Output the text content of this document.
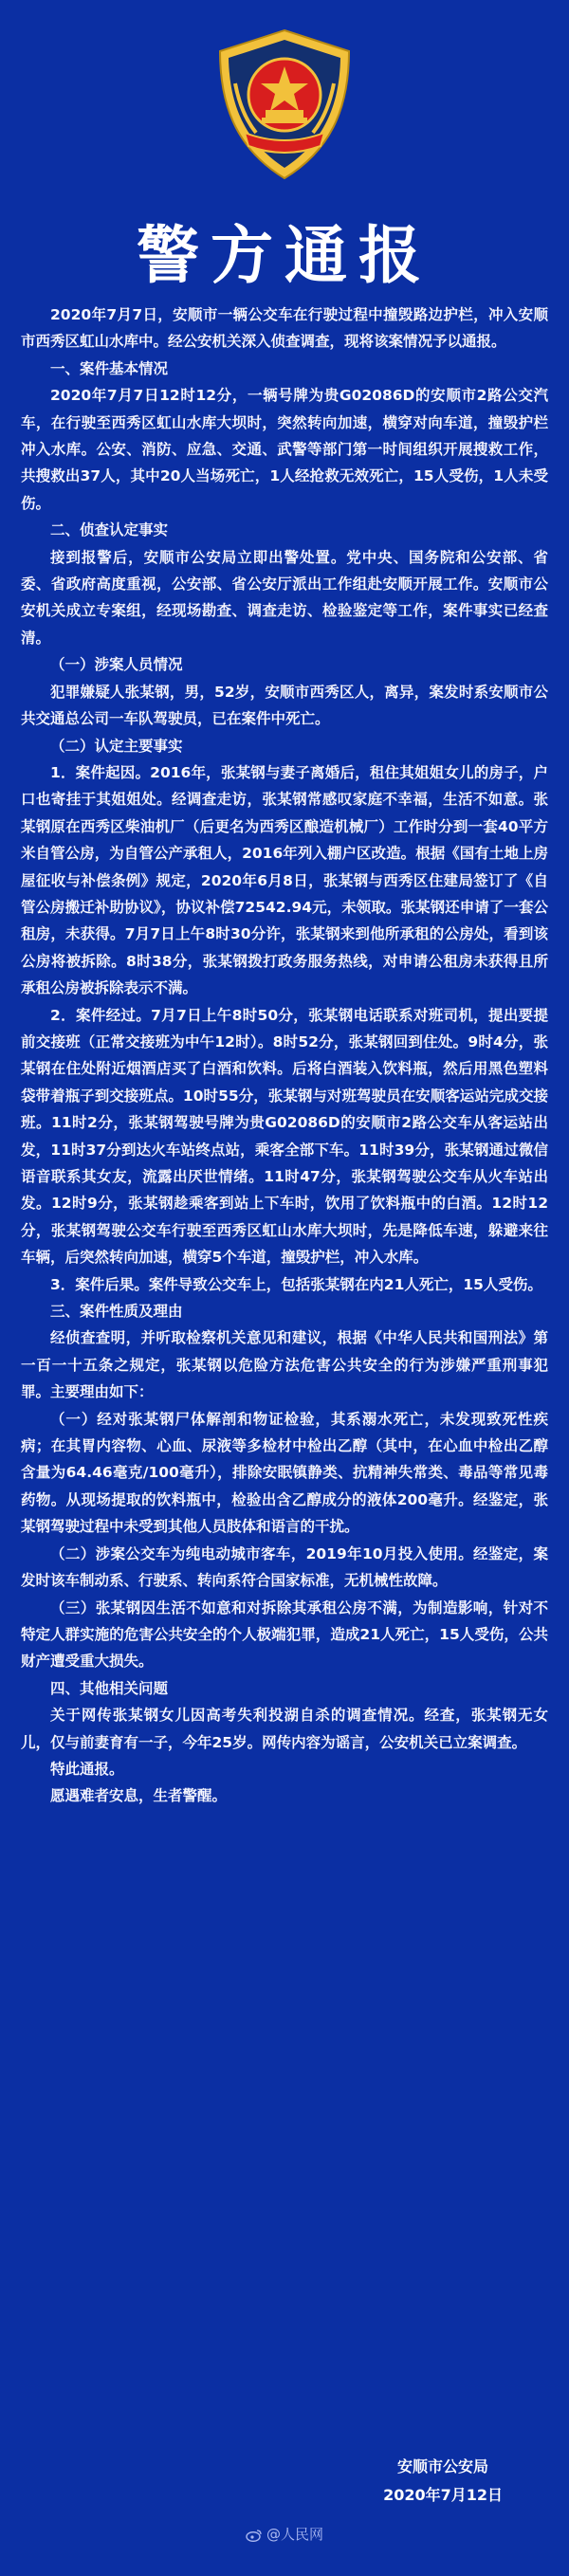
警方通报

2020年7月7日，安顺市一辆公交车在行驶过程中撞毁路边护栏，冲入安顺市西秀区虹山水库中。经公安机关深入侦查调查，现将该案情况予以通报。

一、案件基本情况

2020年7月7日12时12分，一辆号牌为贵G02086D的安顺市2路公交汽车，在行驶至西秀区虹山水库大坝时，突然转向加速，横穿对向车道，撞毁护栏冲入水库。公安、消防、应急、交通、武警等部门第一时间组织开展搜救工作，共搜救出37人，其中20人当场死亡，1人经抢救无效死亡，15人受伤，1人未受伤。

二、侦查认定事实

接到报警后，安顺市公安局立即出警处置。党中央、国务院和公安部、省委、省政府高度重视，公安部、省公安厅派出工作组赴安顺开展工作。安顺市公安机关成立专案组，经现场勘查、调查走访、检验鉴定等工作，案件事实已经查清。

（一）涉案人员情况

犯罪嫌疑人张某钢，男，52岁，安顺市西秀区人，离异，案发时系安顺市公共交通总公司一车队驾驶员，已在案件中死亡。

（二）认定主要事实

1．案件起因。2016年，张某钢与妻子离婚后，租住其姐姐女儿的房子，户口也寄挂于其姐姐处。经调查走访，张某钢常感叹家庭不幸福，生活不如意。张某钢原在西秀区柴油机厂（后更名为西秀区酿造机械厂）工作时分到一套40平方米自管公房，为自管公产承租人，2016年列入棚户区改造。根据《国有土地上房屋征收与补偿条例》规定，2020年6月8日，张某钢与西秀区住建局签订了《自管公房搬迁补助协议》，协议补偿72542.94元，未领取。张某钢还申请了一套公租房，未获得。7月7日上午8时30分许，张某钢来到他所承租的公房处，看到该公房将被拆除。8时38分，张某钢拨打政务服务热线，对申请公租房未获得且所承租公房被拆除表示不满。

2．案件经过。7月7日上午8时50分，张某钢电话联系对班司机，提出要提前交接班（正常交接班为中午12时）。8时52分，张某钢回到住处。9时4分，张某钢在住处附近烟酒店买了白酒和饮料。后将白酒装入饮料瓶，然后用黑色塑料袋带着瓶子到交接班点。10时55分，张某钢与对班驾驶员在安顺客运站完成交接班。11时2分，张某钢驾驶号牌为贵G02086D的安顺市2路公交车从客运站出发，11时37分到达火车站终点站，乘客全部下车。11时39分，张某钢通过微信语音联系其女友，流露出厌世情绪。11时47分，张某钢驾驶公交车从火车站出发。12时9分，张某钢趁乘客到站上下车时，饮用了饮料瓶中的白酒。12时12分，张某钢驾驶公交车行驶至西秀区虹山水库大坝时，先是降低车速，躲避来往车辆，后突然转向加速，横穿5个车道，撞毁护栏，冲入水库。

3．案件后果。案件导致公交车上，包括张某钢在内21人死亡，15人受伤。

三、案件性质及理由

经侦查查明，并听取检察机关意见和建议，根据《中华人民共和国刑法》第一百一十五条之规定，张某钢以危险方法危害公共安全的行为涉嫌严重刑事犯罪。主要理由如下：

（一）经对张某钢尸体解剖和物证检验，其系溺水死亡，未发现致死性疾病；在其胃内容物、心血、尿液等多检材中检出乙醇（其中，在心血中检出乙醇含量为64.46毫克/100毫升），排除安眠镇静类、抗精神失常类、毒品等常见毒药物。从现场提取的饮料瓶中，检验出含乙醇成分的液体200毫升。经鉴定，张某钢驾驶过程中未受到其他人员肢体和语言的干扰。

（二）涉案公交车为纯电动城市客车，2019年10月投入使用。经鉴定，案发时该车制动系、行驶系、转向系符合国家标准，无机械性故障。

（三）张某钢因生活不如意和对拆除其承租公房不满，为制造影响，针对不特定人群实施的危害公共安全的个人极端犯罪，造成21人死亡，15人受伤，公共财产遭受重大损失。

四、其他相关问题

关于网传张某钢女儿因高考失利投湖自杀的调查情况。经查，张某钢无女儿，仅与前妻育有一子，今年25岁。网传内容为谣言，公安机关已立案调查。

特此通报。

愿遇难者安息，生者警醒。

安顺市公安局
2020年7月12日
@人民网
